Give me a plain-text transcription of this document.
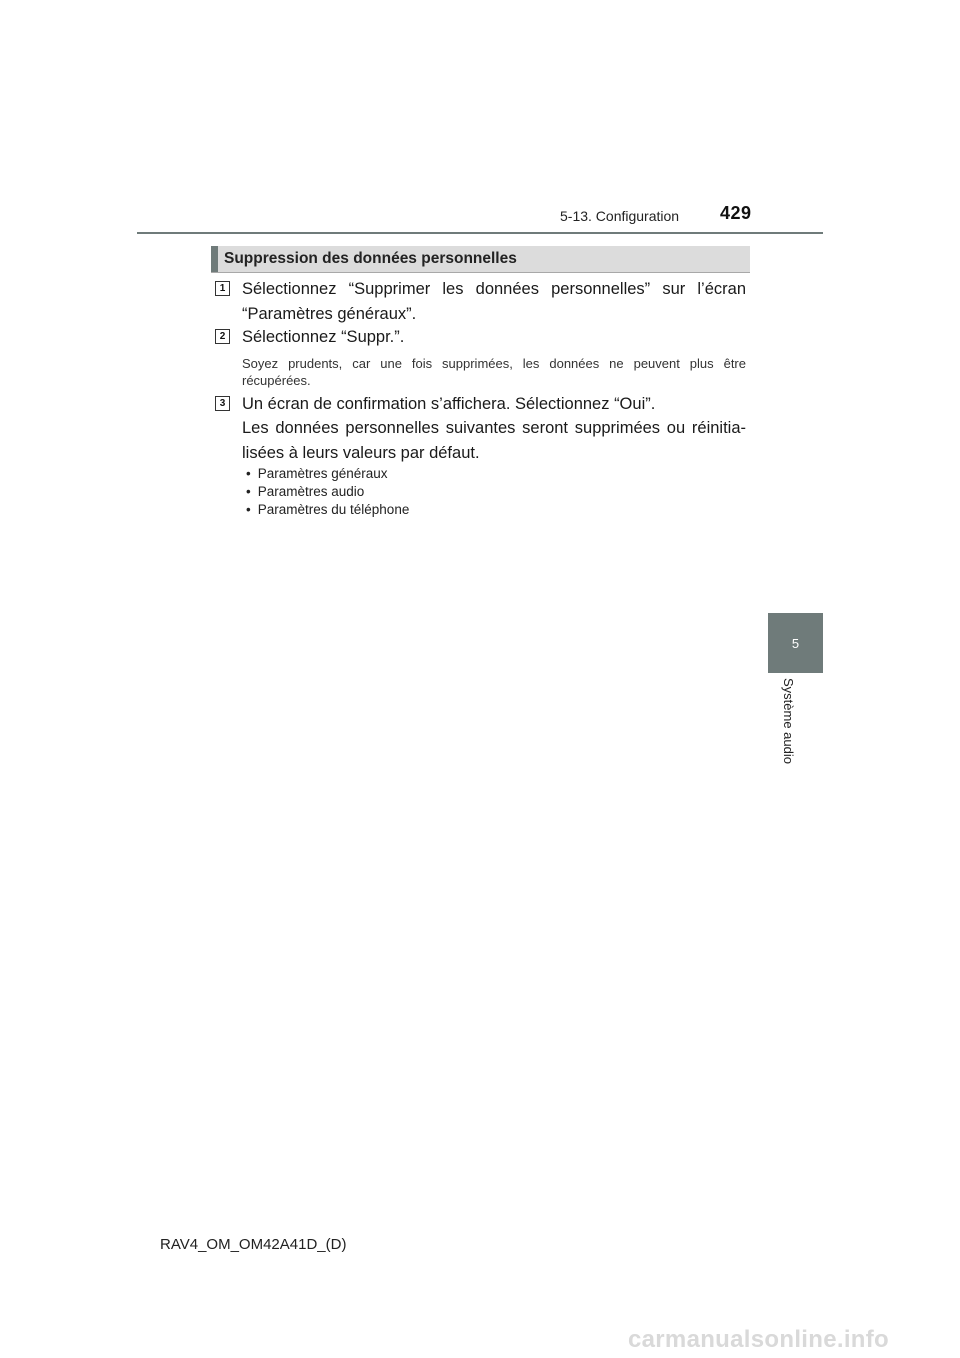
5-13. Configuration	429
5
Système audio
Suppression des données personnelles
1 Sélectionnez “Supprimer les données personnelles” sur l’écran “Paramètres généraux”.
2 Sélectionnez “Suppr.”.
Soyez prudents, car une fois supprimées, les données ne peuvent plus être récupérées.
3 Un écran de confirmation s’affichera. Sélectionnez “Oui”.
Les données personnelles suivantes seront supprimées ou réinitia-lisées à leurs valeurs par défaut.
• Paramètres généraux
• Paramètres audio
• Paramètres du téléphone
RAV4_OM_OM42A41D_(D)
carmanualsonline.info
